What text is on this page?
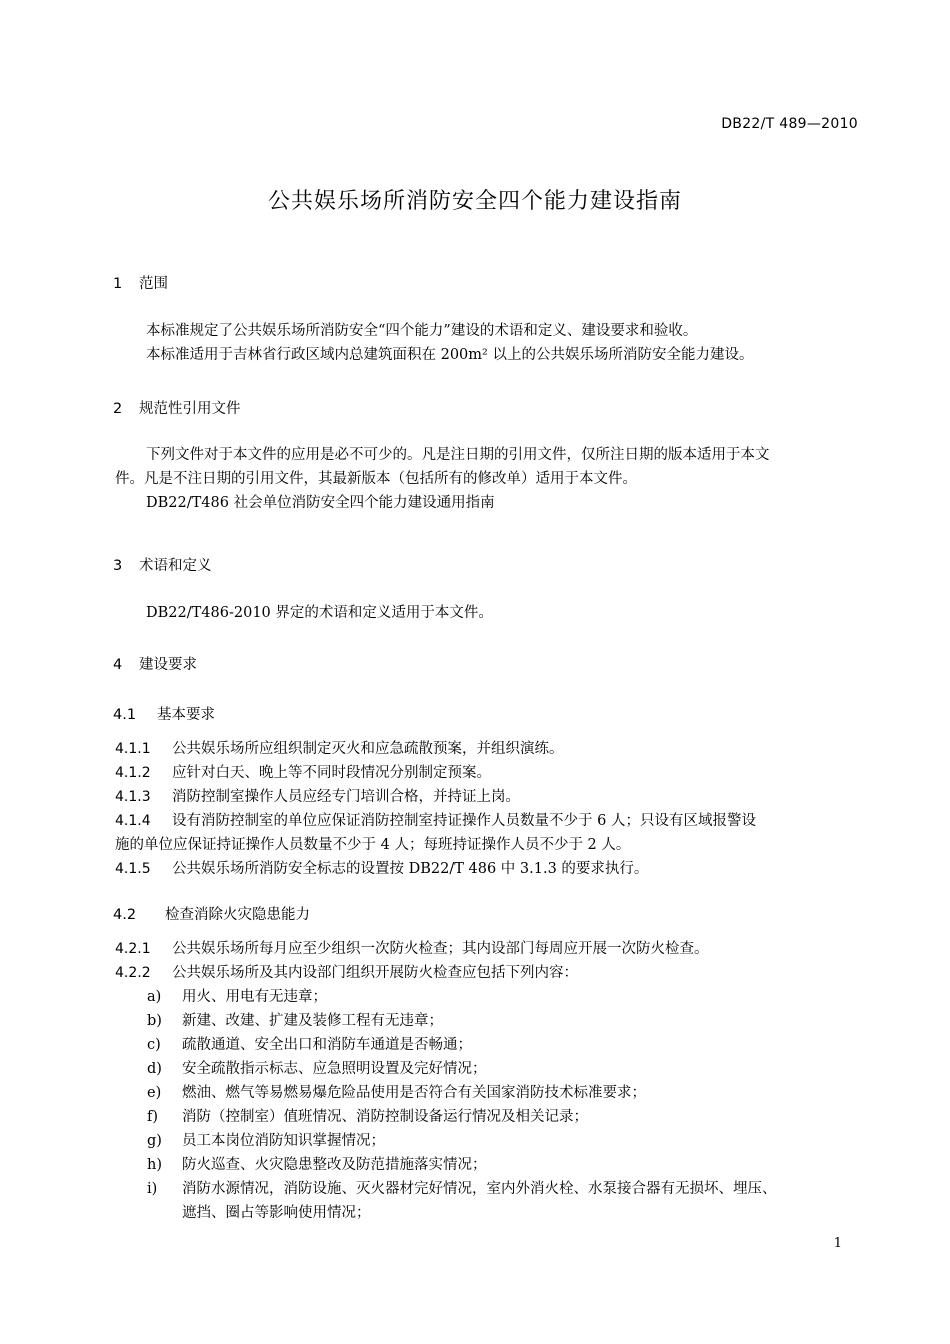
DB22/T 489—2010
公共娱乐场所消防安全四个能力建设指南
1 范围
本标准规定了公共娱乐场所消防安全“四个能力”建设的术语和定义、建设要求和验收。
本标准适用于吉林省行政区域内总建筑面积在 200m² 以上的公共娱乐场所消防安全能力建设。
2 规范性引用文件
下列文件对于本文件的应用是必不可少的。凡是注日期的引用文件，仅所注日期的版本适用于本文
件。凡是不注日期的引用文件，其最新版本（包括所有的修改单）适用于本文件。
DB22/T486 社会单位消防安全四个能力建设通用指南
3 术语和定义
DB22/T486-2010 界定的术语和定义适用于本文件。
4 建设要求
4.1 基本要求
4.1.1 公共娱乐场所应组织制定灭火和应急疏散预案，并组织演练。
4.1.2 应针对白天、晚上等不同时段情况分别制定预案。
4.1.3 消防控制室操作人员应经专门培训合格，并持证上岗。
4.1.4 设有消防控制室的单位应保证消防控制室持证操作人员数量不少于 6 人；只设有区域报警设
施的单位应保证持证操作人员数量不少于 4 人；每班持证操作人员不少于 2 人。
4.1.5 公共娱乐场所消防安全标志的设置按 DB22/T 486 中 3.1.3 的要求执行。
4.2 检查消除火灾隐患能力
4.2.1 公共娱乐场所每月应至少组织一次防火检查；其内设部门每周应开展一次防火检查。
4.2.2 公共娱乐场所及其内设部门组织开展防火检查应包括下列内容：
a) 用火、用电有无违章；
b) 新建、改建、扩建及装修工程有无违章；
c) 疏散通道、安全出口和消防车通道是否畅通；
d) 安全疏散指示标志、应急照明设置及完好情况；
e) 燃油、燃气等易燃易爆危险品使用是否符合有关国家消防技术标准要求；
f) 消防（控制室）值班情况、消防控制设备运行情况及相关记录；
g) 员工本岗位消防知识掌握情况；
h) 防火巡查、火灾隐患整改及防范措施落实情况；
i) 消防水源情况，消防设施、灭火器材完好情况，室内外消火栓、水泵接合器有无损坏、埋压、
遮挡、圈占等影响使用情况；
1
